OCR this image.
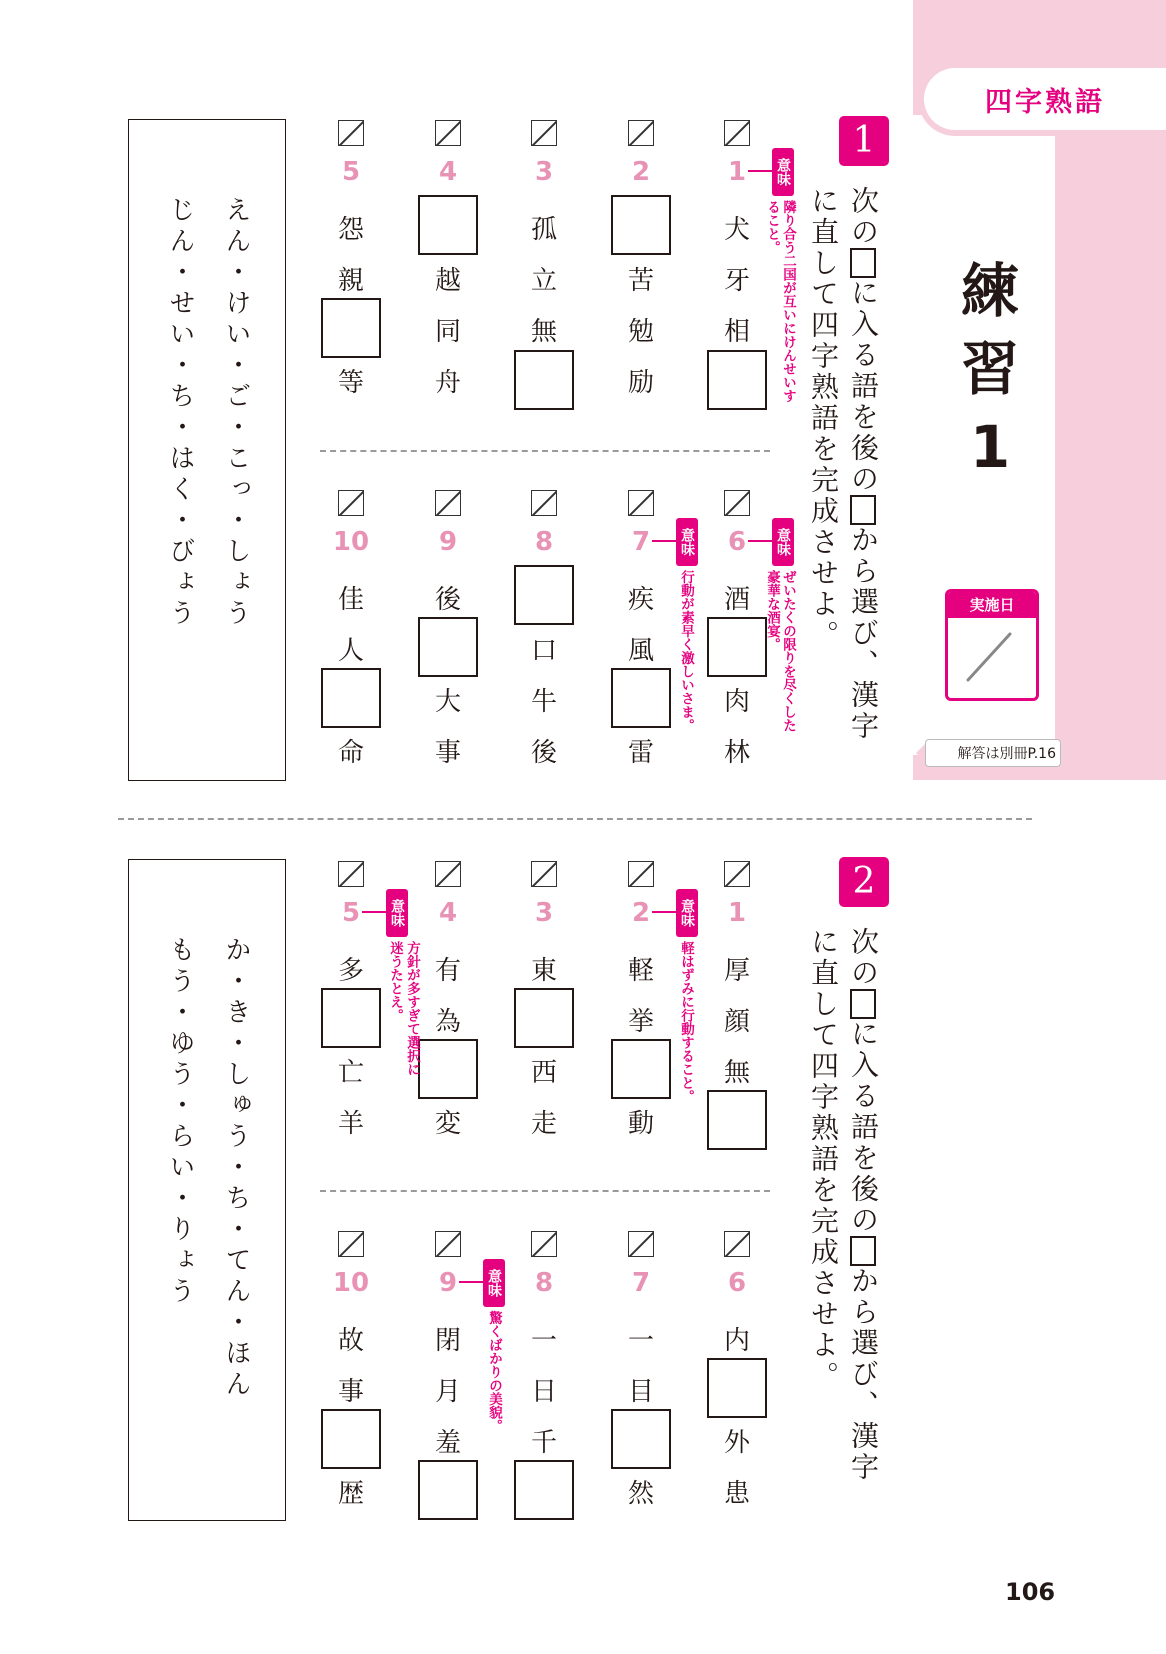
四字熟語
練
習
1
実施日
解答は別冊P.16
1
次のに入る語を後のから選び、漢字
に直して四字熟語を完成させよ。
えん・けい・ご・こっ・しょう
じん・せい・ち・はく・びょう
1
犬
牙
相
意味
隣り合う二国が互いにけんせいす
ること。
2
苦
勉
励
3
孤
立
無
4
越
同
舟
5
怨
親
等
6
酒
肉
林
意味
ぜいたくの限りを尽くした
豪華な酒宴。
7
疾
風
雷
意味
行動が素早く激しいさま。
8
口
牛
後
9
後
大
事
10
佳
人
命
2
次のに入る語を後のから選び、漢字
に直して四字熟語を完成させよ。
か・き・しゅう・ち・てん・ほん
もう・ゆう・らい・りょう
1
厚
顔
無
2
軽
挙
動
意味
軽はずみに行動すること。
3
東
西
走
4
有
為
変
5
多
亡
羊
意味
方針が多すぎて選択に
迷うたとえ。
6
内
外
患
7
一
目
然
8
一
日
千
9
閉
月
羞
意味
驚くばかりの美貌。
10
故
事
歴
106
